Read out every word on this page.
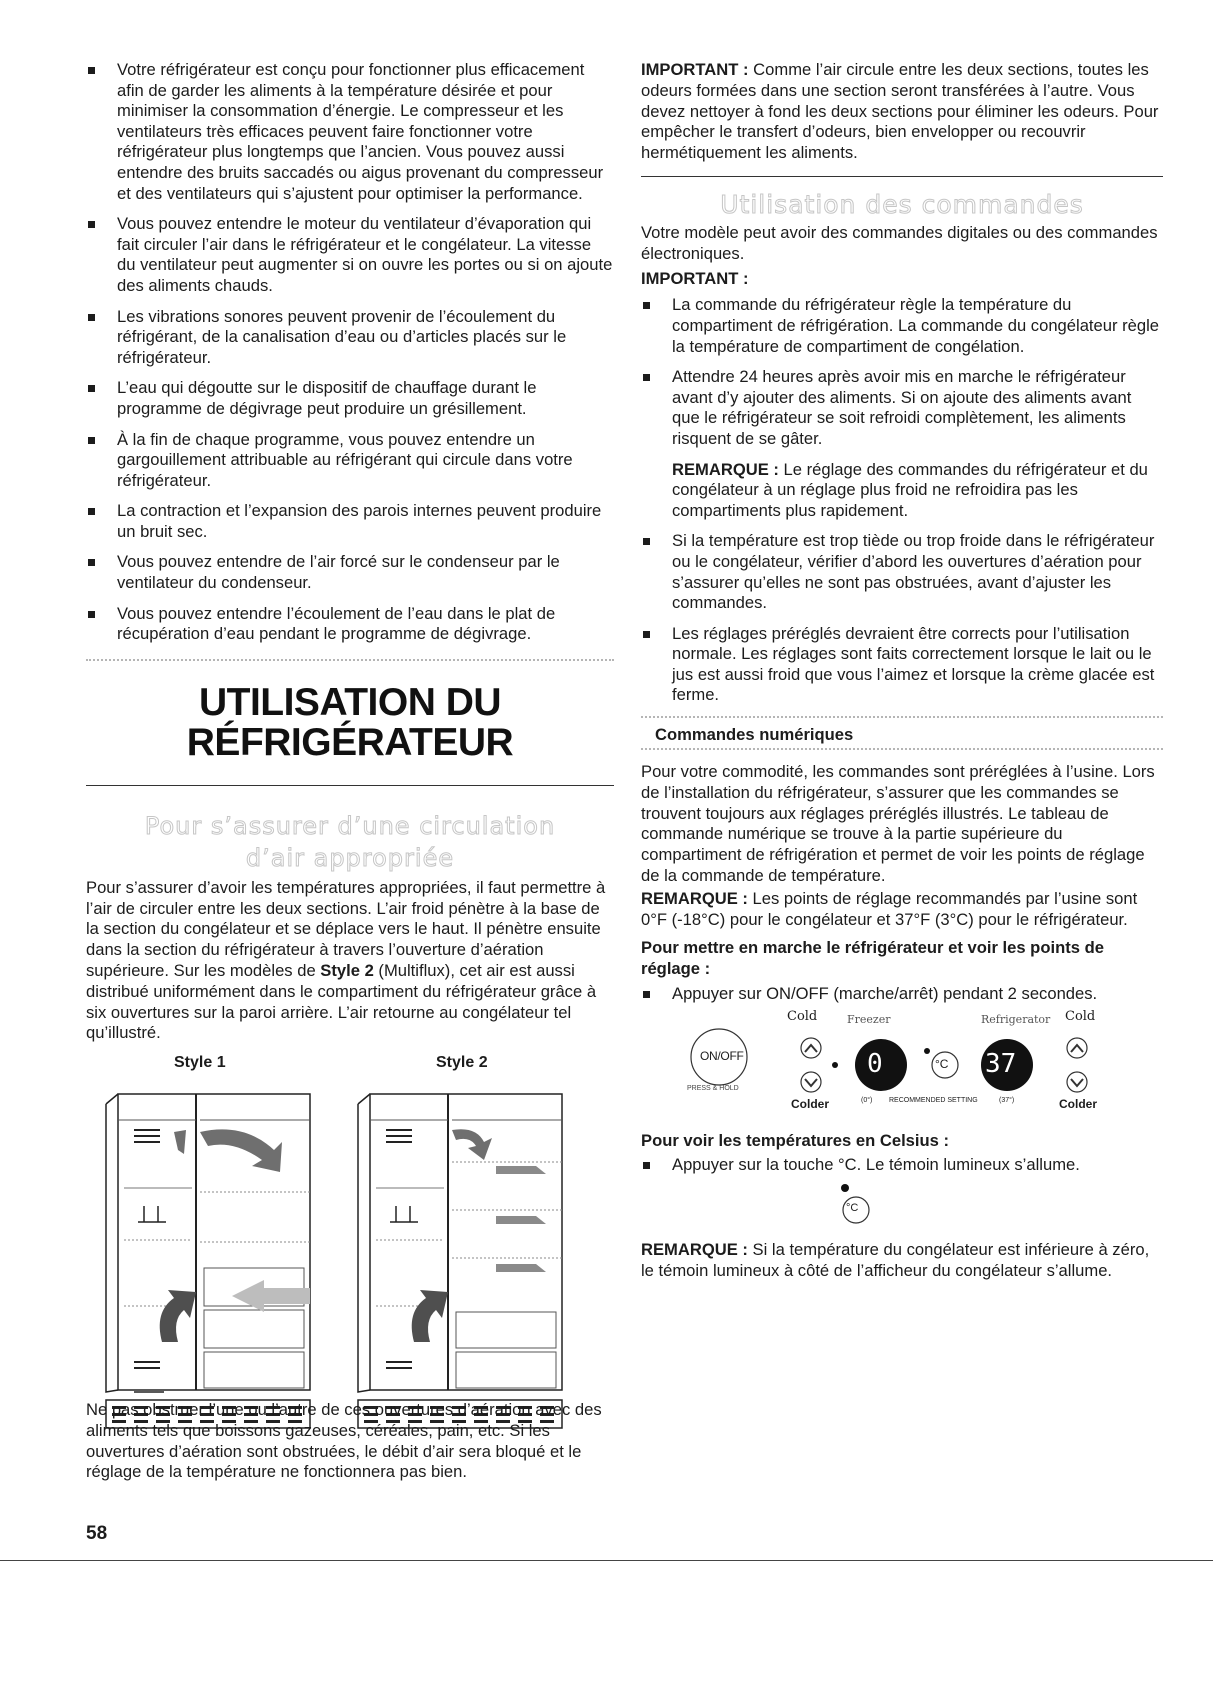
Votre réfrigérateur est conçu pour fonctionner plus efficacement afin de garder les aliments à la température désirée et pour minimiser la consommation d’énergie. Le compresseur et les ventilateurs très efficaces peuvent faire fonctionner votre réfrigérateur plus longtemps que l’ancien. Vous pouvez aussi entendre des bruits saccadés ou aigus provenant du compresseur et des ventilateurs qui s’ajustent pour optimiser la performance.
Vous pouvez entendre le moteur du ventilateur d’évaporation qui fait circuler l’air dans le réfrigérateur et le congélateur. La vitesse du ventilateur peut augmenter si on ouvre les portes ou si on ajoute des aliments chauds.
Les vibrations sonores peuvent provenir de l’écoulement du réfrigérant, de la canalisation d’eau ou d’articles placés sur le réfrigérateur.
L’eau qui dégoutte sur le dispositif de chauffage durant le programme de dégivrage peut produire un grésillement.
À la fin de chaque programme, vous pouvez entendre un gargouillement attribuable au réfrigérant qui circule dans votre réfrigérateur.
La contraction et l’expansion des parois internes peuvent produire un bruit sec.
Vous pouvez entendre de l’air forcé sur le condenseur par le ventilateur du condenseur.
Vous pouvez entendre l’écoulement de l’eau dans le plat de récupération d’eau pendant le programme de dégivrage.
UTILISATION DU
RÉFRIGÉRATEUR
Pour s’assurer d’une circulation d’air appropriée

Pour s’assurer d’avoir les températures appropriées, il faut permettre à l’air de circuler entre les deux sections. L’air froid pénètre à la base de la section du congélateur et se déplace vers le haut. Il pénètre ensuite dans la section du réfrigérateur à travers l’ouverture d’aération supérieure. Sur les modèles de Style 2 (Multiflux), cet air est aussi distribué uniformément dans le compartiment du réfrigérateur grâce à six ouvertures sur la paroi arrière. L’air retourne au congélateur tel qu’illustré.

Style 1	Style 2

Ne pas obstruer l’une ou l’autre de ces ouvertures d’aération avec des aliments tels que boissons gazeuses, céréales, pain, etc. Si les ouvertures d’aération sont obstruées, le débit d’air sera bloqué et le réglage de la température ne fonctionnera pas bien.

58

IMPORTANT : Comme l’air circule entre les deux sections, toutes les odeurs formées dans une section seront transférées à l’autre. Vous devez nettoyer à fond les deux sections pour éliminer les odeurs. Pour empêcher le transfert d’odeurs, bien envelopper ou recouvrir hermétiquement les aliments.

Utilisation des commandes

Votre modèle peut avoir des commandes digitales ou des commandes électroniques.

IMPORTANT :

La commande du réfrigérateur règle la température du compartiment de réfrigération. La commande du congélateur règle la température de compartiment de congélation.
Attendre 24 heures après avoir mis en marche le réfrigérateur avant d’y ajouter des aliments. Si on ajoute des aliments avant que le réfrigérateur se soit refroidi complètement, les aliments risquent de se gâter.
REMARQUE : Le réglage des commandes du réfrigérateur et du congélateur à un réglage plus froid ne refroidira pas les compartiments plus rapidement.
Si la température est trop tiède ou trop froide dans le réfrigérateur ou le congélateur, vérifier d’abord les ouvertures d’aération pour s’assurer qu’elles ne sont pas obstruées, avant d’ajuster les commandes.
Les réglages préréglés devraient être corrects pour l’utilisation normale. Les réglages sont faits correctement lorsque le lait ou le jus est aussi froid que vous l’aimez et lorsque la crème glacée est ferme.
Commandes numériques

Pour votre commodité, les commandes sont préréglées à l’usine. Lors de l’installation du réfrigérateur, s’assurer que les commandes se trouvent toujours aux réglages préréglés illustrés. Le tableau de commande numérique se trouve à la partie supérieure du compartiment de réfrigération et permet de voir les points de réglage de la commande de température.

REMARQUE : Les points de réglage recommandés par l’usine sont 0°F (-18°C) pour le congélateur et 37°F (3°C) pour le réfrigérateur.

Pour mettre en marche le réfrigérateur et voir les points de réglage :

Appuyer sur ON/OFF (marche/arrêt) pendant 2 secondes.
ON/OFF
PRESS & HOLD
Cold	Freezer	Refrigerator Cold
0	37
°C
Colder	Colder
(0°) RECOMMENDED SETTING	(37°)

Pour voir les températures en Celsius :

Appuyer sur la touche °C. Le témoin lumineux s’allume.
°C

REMARQUE : Si la température du congélateur est inférieure à zéro, le témoin lumineux à côté de l’afficheur du congélateur s’allume.
